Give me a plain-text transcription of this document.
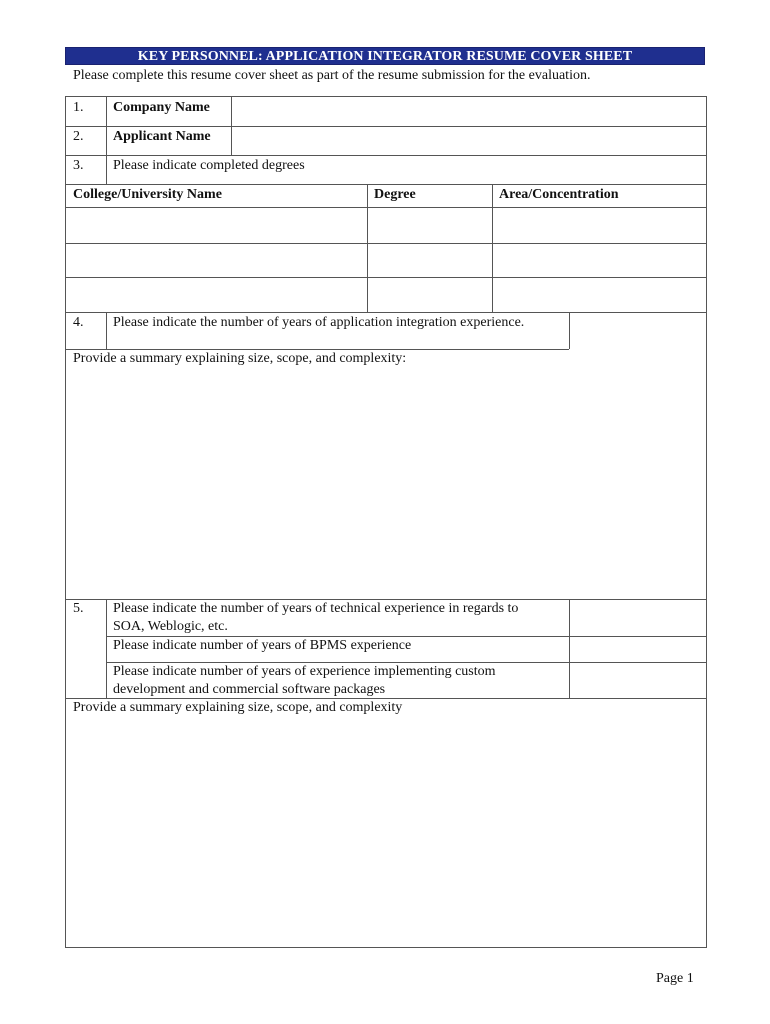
KEY PERSONNEL: APPLICATION INTEGRATOR RESUME COVER SHEET
Please complete this resume cover sheet as part of the resume submission for the evaluation.
1. Company Name
2. Applicant Name
3. Please indicate completed degrees
College/University Name	Degree	Area/Concentration
4. Please indicate the number of years of application integration experience.
Provide a summary explaining size, scope, and complexity:
5. Please indicate the number of years of technical experience in regards to
SOA, Weblogic, etc.
Please indicate number of years of BPMS experience
Please indicate number of years of experience implementing custom
development and commercial software packages
Provide a summary explaining size, scope, and complexity
Page 1
